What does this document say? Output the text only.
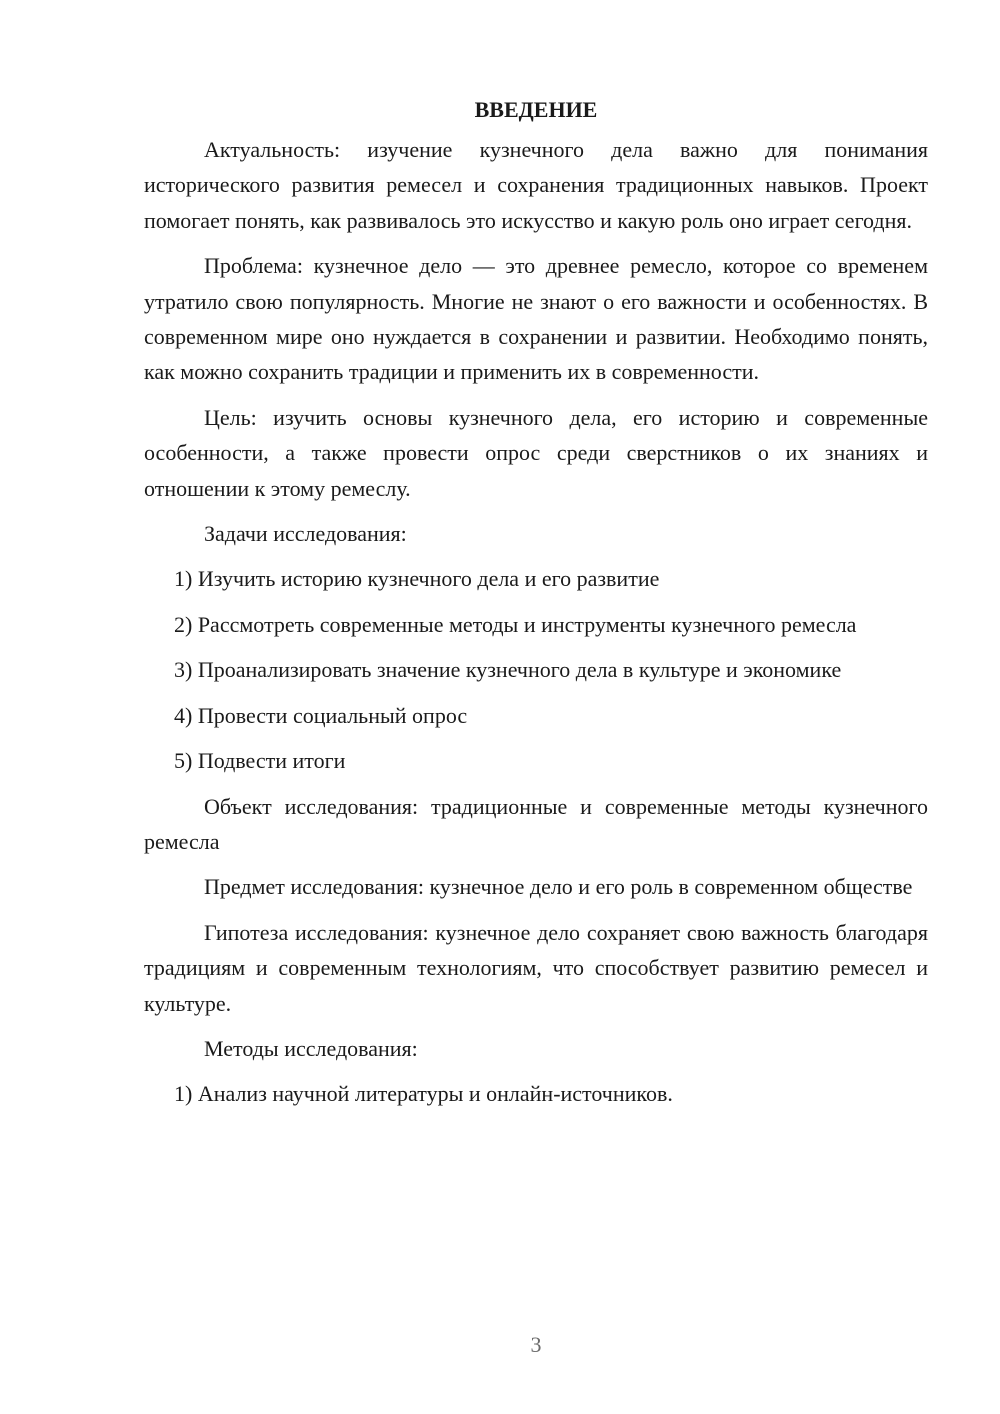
ВВЕДЕНИЕ

Актуальность: изучение кузнечного дела важно для понимания исторического развития ремесел и сохранения традиционных навыков. Проект помогает понять, как развивалось это искусство и какую роль оно играет сегодня.

Проблема: кузнечное дело — это древнее ремесло, которое со временем утратило свою популярность. Многие не знают о его важности и особенностях. В современном мире оно нуждается в сохранении и развитии. Необходимо понять, как можно сохранить традиции и применить их в современности.

Цель: изучить основы кузнечного дела, его историю и современные особенности, а также провести опрос среди сверстников о их знаниях и отношении к этому ремеслу.

Задачи исследования:

1) Изучить историю кузнечного дела и его развитие

2) Рассмотреть современные методы и инструменты кузнечного ремесла

3) Проанализировать значение кузнечного дела в культуре и экономике

4) Провести социальный опрос

5) Подвести итоги

Объект исследования: традиционные и современные методы кузнечного ремесла

Предмет исследования: кузнечное дело и его роль в современном обществе

Гипотеза исследования: кузнечное дело сохраняет свою важность благодаря традициям и современным технологиям, что способствует развитию ремесел и культуре.

Методы исследования:

1) Анализ научной литературы и онлайн-источников.

3
